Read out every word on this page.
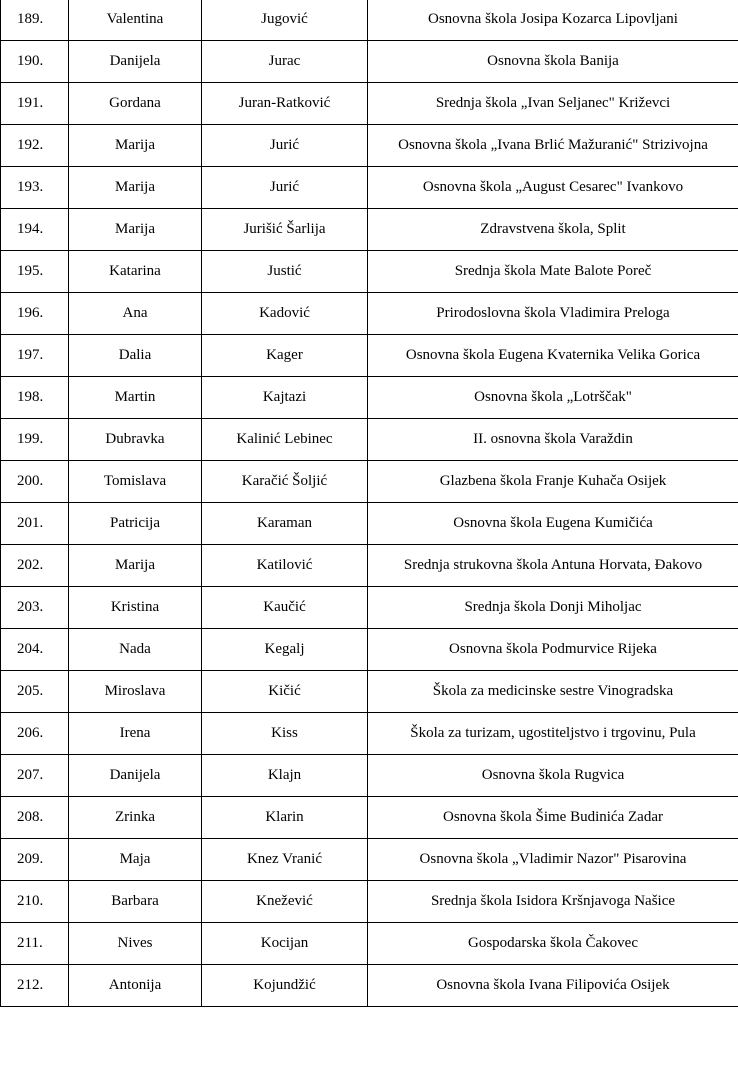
189.	Valentina	Jugović	Osnovna škola Josipa Kozarca Lipovljani
190.	Danijela	Jurac	Osnovna škola Banija
191.	Gordana	Juran-Ratković	Srednja škola „Ivan Seljanec" Križevci
192.	Marija	Jurić	Osnovna škola „Ivana Brlić Mažuranić" Strizivojna
193.	Marija	Jurić	Osnovna škola „August Cesarec" Ivankovo
194.	Marija	Jurišić Šarlija	Zdravstvena škola, Split
195.	Katarina	Justić	Srednja škola Mate Balote Poreč
196.	Ana	Kadović	Prirodoslovna škola Vladimira Preloga
197.	Dalia	Kager	Osnovna škola Eugena Kvaternika Velika Gorica
198.	Martin	Kajtazi	Osnovna škola „Lotrščak"
199.	Dubravka	Kalinić Lebinec	II. osnovna škola Varaždin
200.	Tomislava	Karačić Šoljić	Glazbena škola Franje Kuhača Osijek
201.	Patricija	Karaman	Osnovna škola Eugena Kumičića
202.	Marija	Katilović	Srednja strukovna škola Antuna Horvata, Đakovo
203.	Kristina	Kaučić	Srednja škola Donji Miholjac
204.	Nada	Kegalj	Osnovna škola Podmurvice Rijeka
205.	Miroslava	Kičić	Škola za medicinske sestre Vinogradska
206.	Irena	Kiss	Škola za turizam, ugostiteljstvo i trgovinu, Pula
207.	Danijela	Klajn	Osnovna škola Rugvica
208.	Zrinka	Klarin	Osnovna škola Šime Budinića Zadar
209.	Maja	Knez Vranić	Osnovna škola „Vladimir Nazor" Pisarovina
210.	Barbara	Knežević	Srednja škola Isidora Kršnjavoga Našice
211.	Nives	Kocijan	Gospodarska škola Čakovec
212.	Antonija	Kojundžić	Osnovna škola Ivana Filipovića Osijek
